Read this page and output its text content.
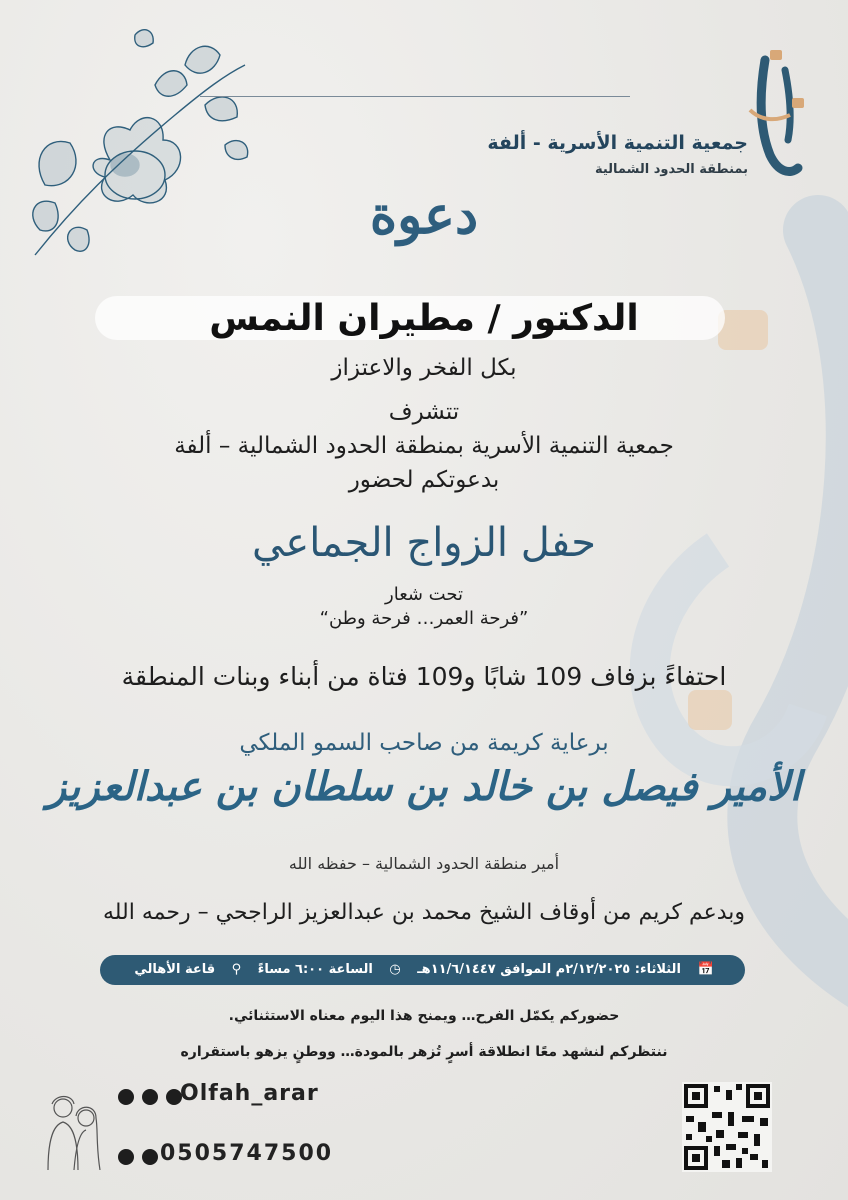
جمعية التنمية الأسرية - ألفة
بمنطقة الحدود الشمالية
دعوة
الدكتور / مطيران النمس
بكل الفخر والاعتزاز
تتشرف
جمعية التنمية الأسرية بمنطقة الحدود الشمالية – ألفة
بدعوتكم لحضور
حفل الزواج الجماعي
تحت شعار
”فرحة العمر… فرحة وطن“
احتفاءً بزفاف 109 شابًا و109 فتاة من أبناء وبنات المنطقة
برعاية كريمة من صاحب السمو الملكي
الأمير فيصل بن خالد بن سلطان بن عبدالعزيز
أمير منطقة الحدود الشمالية – حفظه الله
وبدعم كريم من أوقاف الشيخ محمد بن عبدالعزيز الراجحي – رحمه الله
📅 الثلاثاء: ٢/١٢/٢٠٢٥م الموافق ١١/٦/١٤٤٧هـ ◷ الساعة ٦:٠٠ مساءً ⚲ قاعة الأهالي
حضوركم يكمّل الفرح… ويمنح هذا اليوم معناه الاستثنائي.
ننتظركم لنشهد معًا انطلاقة أسرٍ تُزهر بالمودة… ووطنٍ يزهو باستقراره

Olfah_arar

0505747500
